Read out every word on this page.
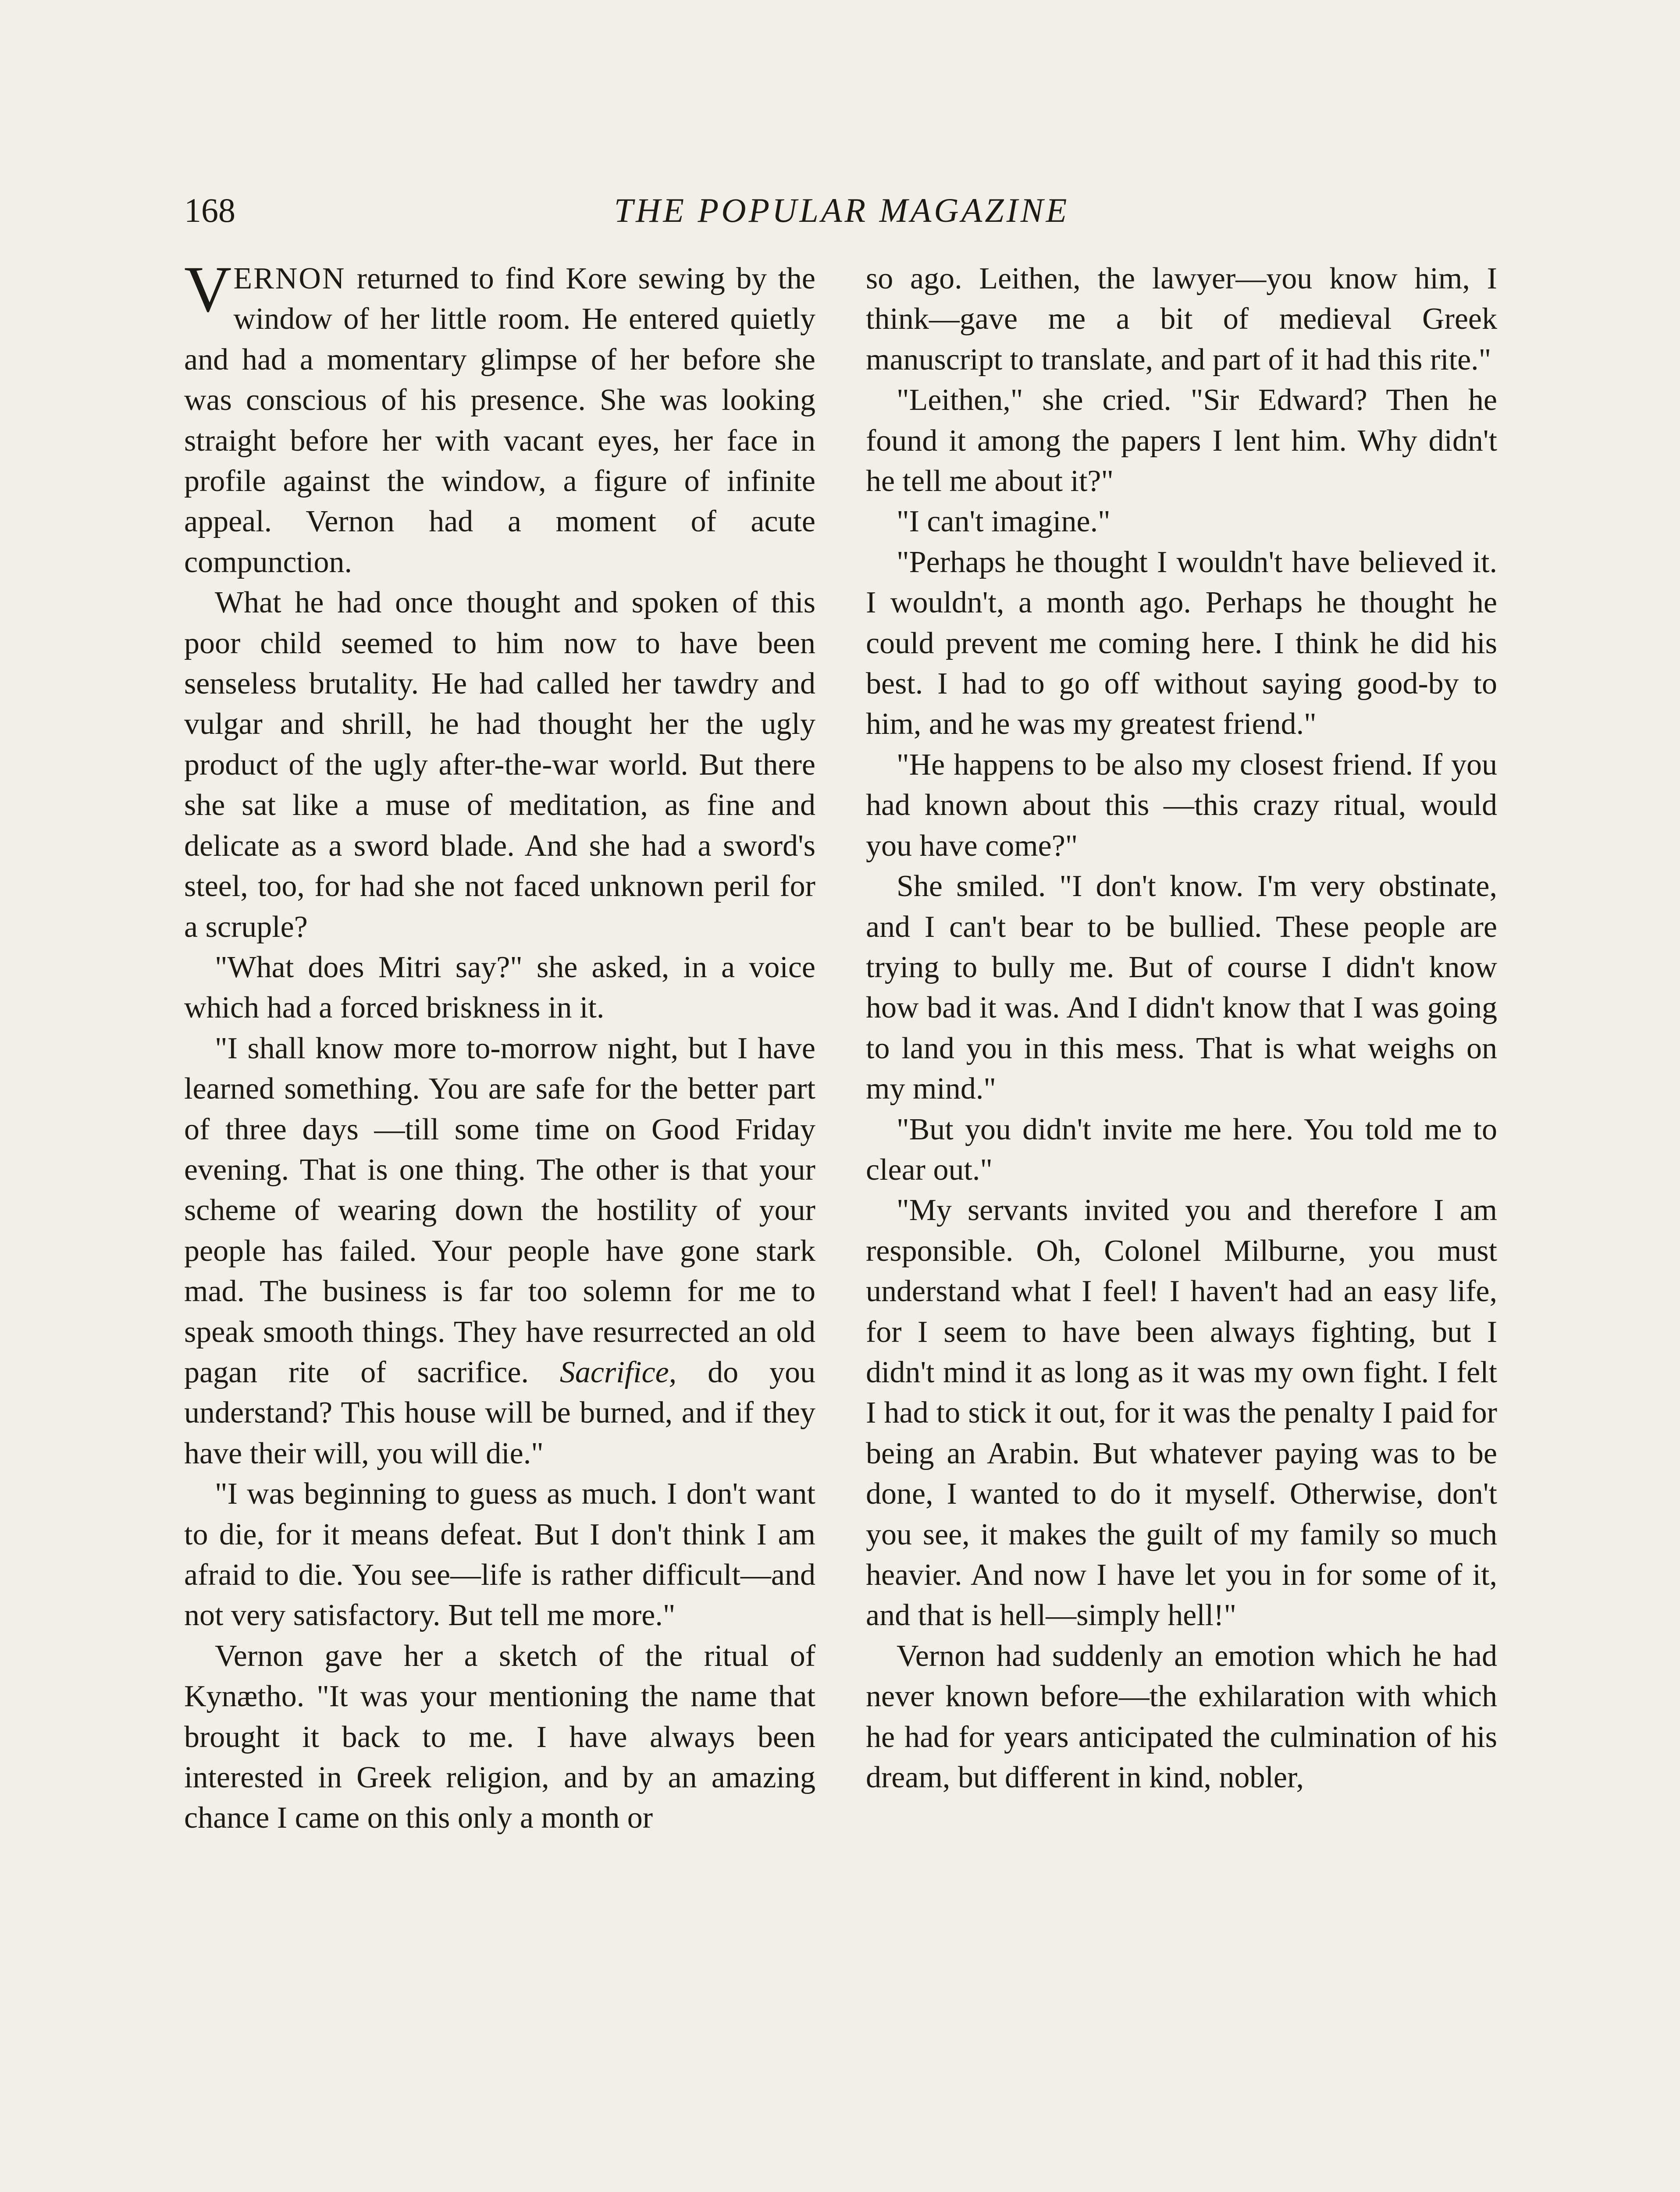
168	THE POPULAR MAGAZINE

VERNON returned to find Kore sewing by the window of her little room. He entered quietly and had a momentary glimpse of her before she was conscious of his presence. She was looking straight before her with vacant eyes, her face in profile against the window, a figure of infinite appeal. Vernon had a moment of acute compunction.

What he had once thought and spoken of this poor child seemed to him now to have been senseless brutality. He had called her tawdry and vulgar and shrill, he had thought her the ugly product of the ugly after-the-war world. But there she sat like a muse of meditation, as fine and delicate as a sword blade. And she had a sword's steel, too, for had she not faced unknown peril for a scruple?

"What does Mitri say?" she asked, in a voice which had a forced briskness in it.

"I shall know more to-morrow night, but I have learned something. You are safe for the better part of three days —till some time on Good Friday evening. That is one thing. The other is that your scheme of wearing down the hostility of your people has failed. Your people have gone stark mad. The business is far too solemn for me to speak smooth things. They have resurrected an old pagan rite of sacrifice. Sacrifice, do you understand? This house will be burned, and if they have their will, you will die."

"I was beginning to guess as much. I don't want to die, for it means defeat. But I don't think I am afraid to die. You see—life is rather difficult—and not very satisfactory. But tell me more."

Vernon gave her a sketch of the ritual of Kynætho. "It was your mentioning the name that brought it back to me. I have always been interested in Greek religion, and by an amazing chance I came on this only a month or

so ago. Leithen, the lawyer—you know him, I think—gave me a bit of medieval Greek manuscript to translate, and part of it had this rite."

"Leithen," she cried. "Sir Edward? Then he found it among the papers I lent him. Why didn't he tell me about it?"

"I can't imagine."

"Perhaps he thought I wouldn't have believed it. I wouldn't, a month ago. Perhaps he thought he could prevent me coming here. I think he did his best. I had to go off without saying good-by to him, and he was my greatest friend."

"He happens to be also my closest friend. If you had known about this —this crazy ritual, would you have come?"

She smiled. "I don't know. I'm very obstinate, and I can't bear to be bullied. These people are trying to bully me. But of course I didn't know how bad it was. And I didn't know that I was going to land you in this mess. That is what weighs on my mind."

"But you didn't invite me here. You told me to clear out."

"My servants invited you and therefore I am responsible. Oh, Colonel Milburne, you must understand what I feel! I haven't had an easy life, for I seem to have been always fighting, but I didn't mind it as long as it was my own fight. I felt I had to stick it out, for it was the penalty I paid for being an Arabin. But whatever paying was to be done, I wanted to do it myself. Otherwise, don't you see, it makes the guilt of my family so much heavier. And now I have let you in for some of it, and that is hell—simply hell!"

Vernon had suddenly an emotion which he had never known before—the exhilaration with which he had for years anticipated the culmination of his dream, but different in kind, nobler,
